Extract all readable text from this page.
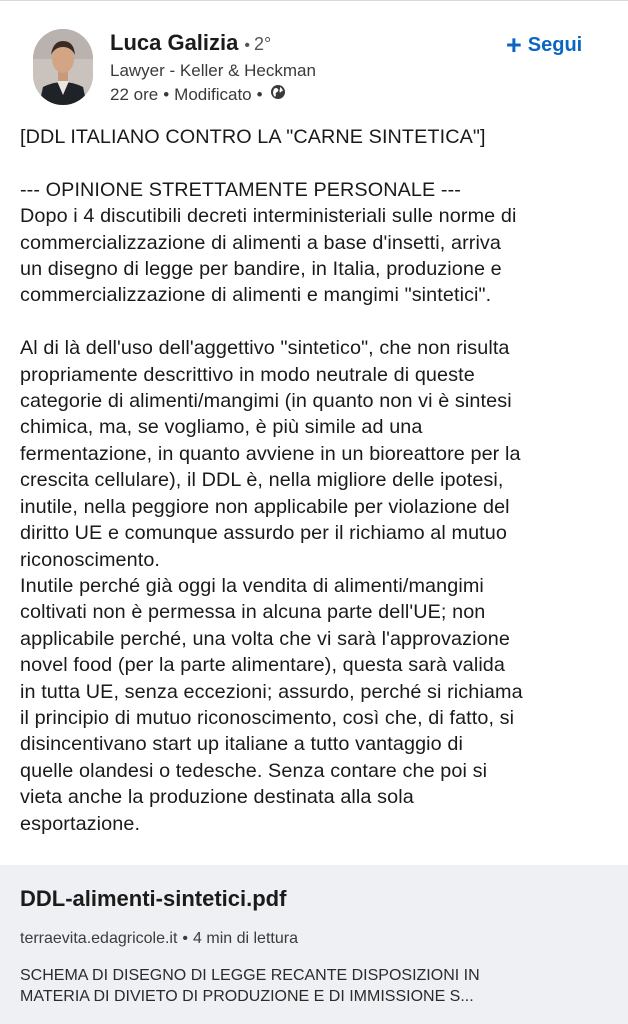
Luca Galizia • 2°
Lawyer - Keller & Heckman
22 ore • Modificato •
+ Segui
[DDL ITALIANO CONTRO LA "CARNE SINTETICA"]

--- OPINIONE STRETTAMENTE PERSONALE ---
Dopo i 4 discutibili decreti interministeriali sulle norme di
commercializzazione di alimenti a base d'insetti, arriva
un disegno di legge per bandire, in Italia, produzione e
commercializzazione di alimenti e mangimi "sintetici".

Al di là dell'uso dell'aggettivo "sintetico", che non risulta
propriamente descrittivo in modo neutrale di queste
categorie di alimenti/mangimi (in quanto non vi è sintesi
chimica, ma, se vogliamo, è più simile ad una
fermentazione, in quanto avviene in un bioreattore per la
crescita cellulare), il DDL è, nella migliore delle ipotesi,
inutile, nella peggiore non applicabile per violazione del
diritto UE e comunque assurdo per il richiamo al mutuo
riconoscimento.
Inutile perché già oggi la vendita di alimenti/mangimi
coltivati non è permessa in alcuna parte dell'UE; non
applicabile perché, una volta che vi sarà l'approvazione
novel food (per la parte alimentare), questa sarà valida
in tutta UE, senza eccezioni; assurdo, perché si richiama
il principio di mutuo riconoscimento, così che, di fatto, si
disincentivano start up italiane a tutto vantaggio di
quelle olandesi o tedesche. Senza contare che poi si
vieta anche la produzione destinata alla sola
esportazione.
DDL-alimenti-sintetici.pdf
terraevita.edagricole.it • 4 min di lettura
SCHEMA DI DISEGNO DI LEGGE RECANTE DISPOSIZIONI IN
MATERIA DI DIVIETO DI PRODUZIONE E DI IMMISSIONE S...
